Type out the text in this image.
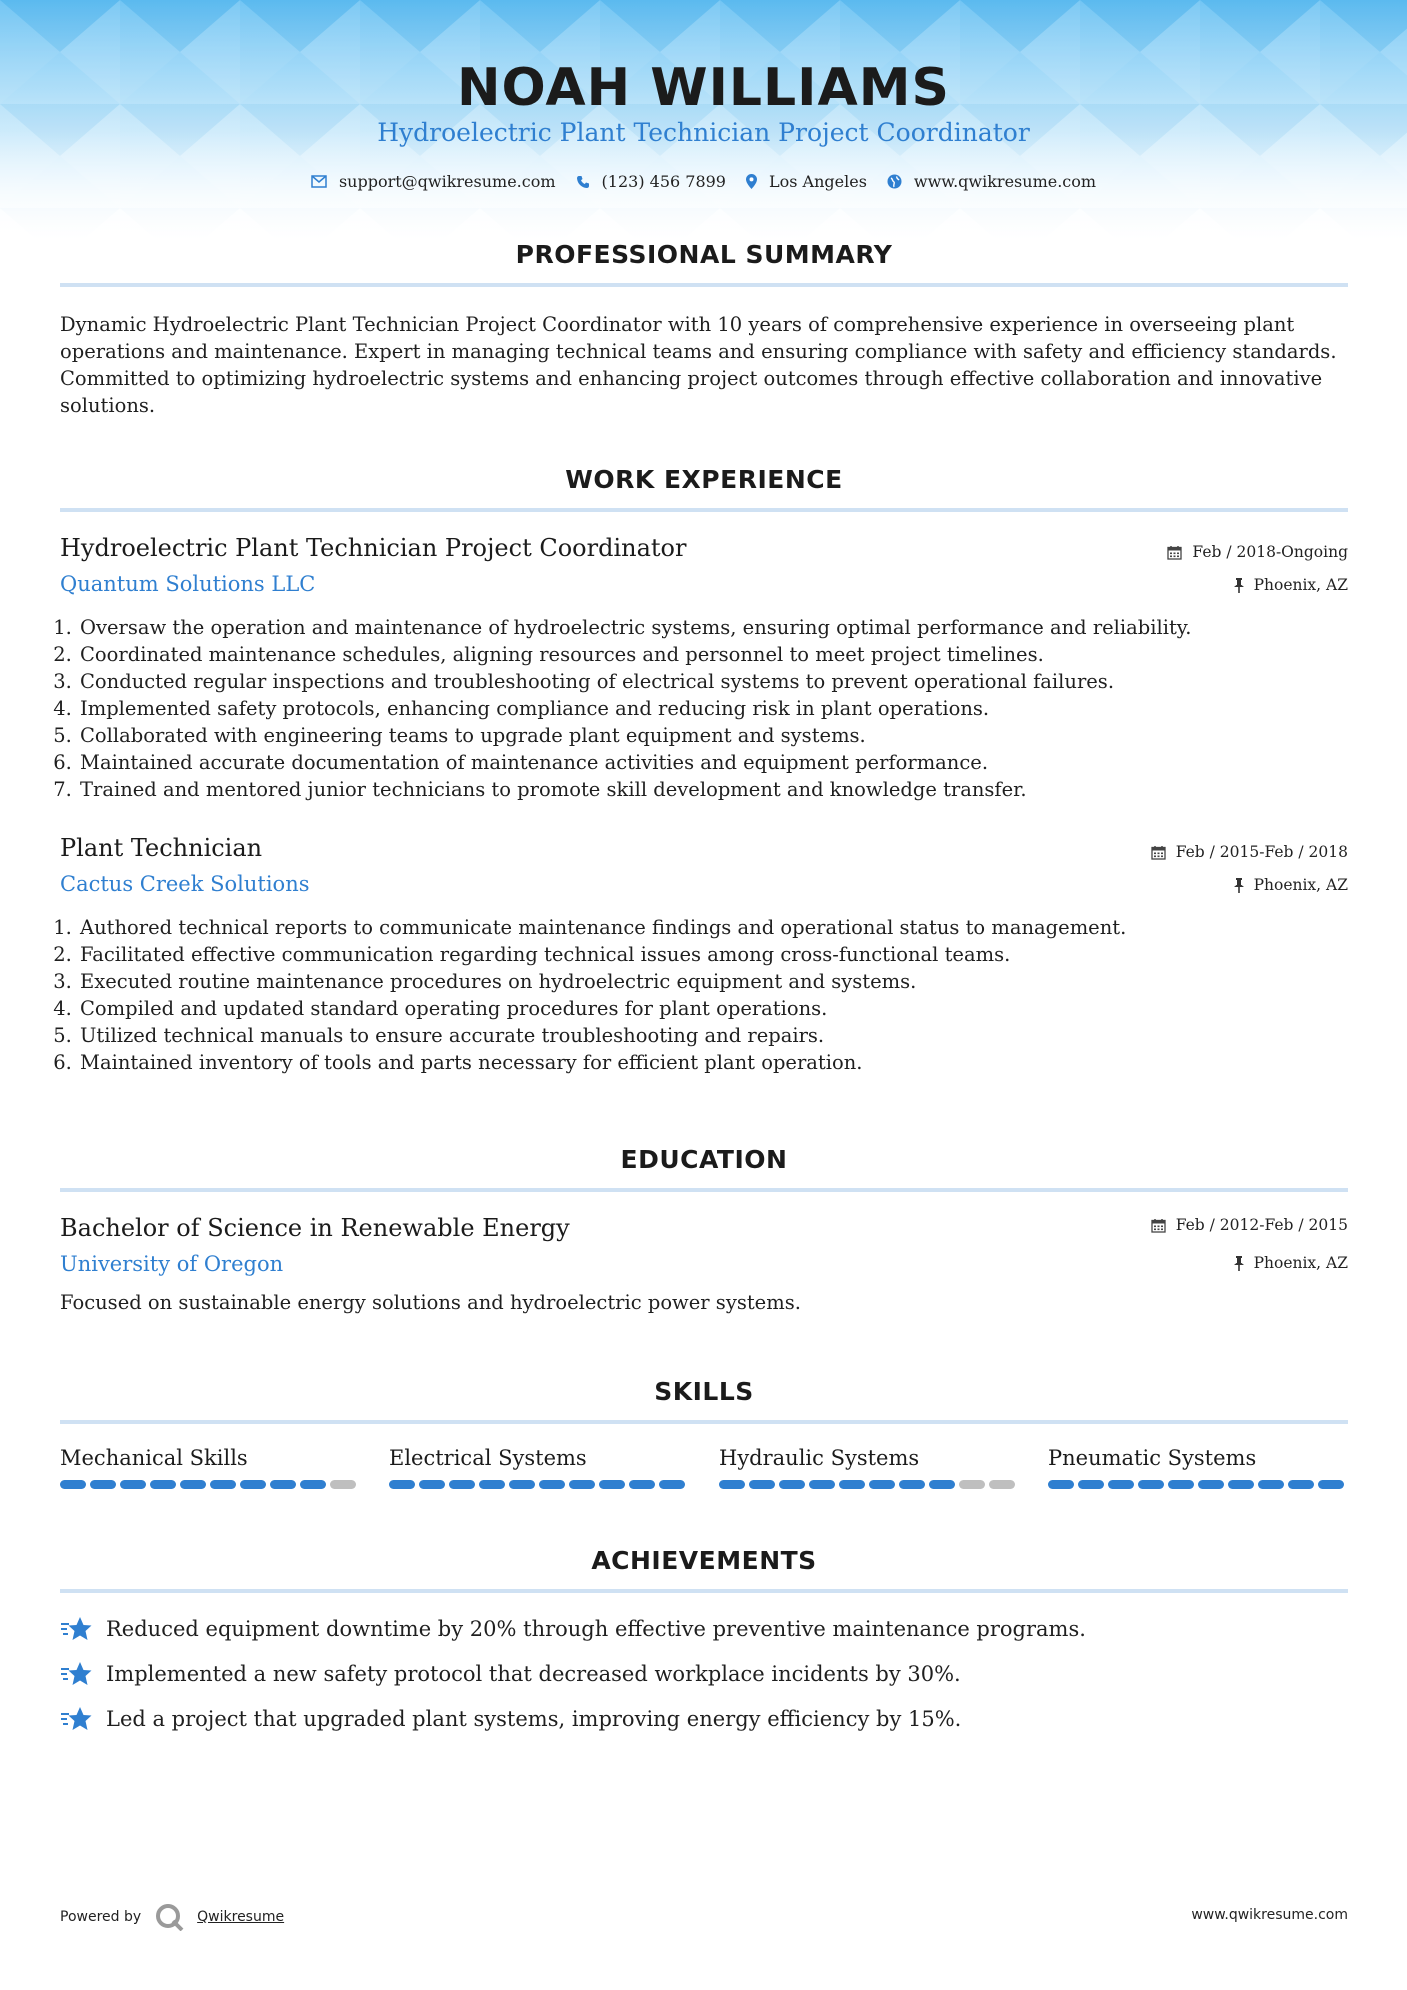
NOAH WILLIAMS
Hydroelectric Plant Technician Project Coordinator
support@qwikresume.com	(123) 456 7899	Los Angeles	www.qwikresume.com
PROFESSIONAL SUMMARY
Dynamic Hydroelectric Plant Technician Project Coordinator with 10 years of comprehensive experience in overseeing plant operations and maintenance. Expert in managing technical teams and ensuring compliance with safety and efficiency standards. Committed to optimizing hydroelectric systems and enhancing project outcomes through effective collaboration and innovative solutions.
WORK EXPERIENCE
Hydroelectric Plant Technician Project Coordinator	Feb / 2018-Ongoing
Quantum Solutions LLC	Phoenix, AZ
1. Oversaw the operation and maintenance of hydroelectric systems, ensuring optimal performance and reliability.
2. Coordinated maintenance schedules, aligning resources and personnel to meet project timelines.
3. Conducted regular inspections and troubleshooting of electrical systems to prevent operational failures.
4. Implemented safety protocols, enhancing compliance and reducing risk in plant operations.
5. Collaborated with engineering teams to upgrade plant equipment and systems.
6. Maintained accurate documentation of maintenance activities and equipment performance.
7. Trained and mentored junior technicians to promote skill development and knowledge transfer.
Plant Technician	Feb / 2015-Feb / 2018
Cactus Creek Solutions	Phoenix, AZ
1. Authored technical reports to communicate maintenance findings and operational status to management.
2. Facilitated effective communication regarding technical issues among cross-functional teams.
3. Executed routine maintenance procedures on hydroelectric equipment and systems.
4. Compiled and updated standard operating procedures for plant operations.
5. Utilized technical manuals to ensure accurate troubleshooting and repairs.
6. Maintained inventory of tools and parts necessary for efficient plant operation.
EDUCATION
Bachelor of Science in Renewable Energy	Feb / 2012-Feb / 2015
University of Oregon	Phoenix, AZ
Focused on sustainable energy solutions and hydroelectric power systems.
SKILLS
Mechanical Skills	Electrical Systems	Hydraulic Systems	Pneumatic Systems
ACHIEVEMENTS
Reduced equipment downtime by 20% through effective preventive maintenance programs.
Implemented a new safety protocol that decreased workplace incidents by 30%.
Led a project that upgraded plant systems, improving energy efficiency by 15%.
Powered by	Qwikresume	www.qwikresume.com
